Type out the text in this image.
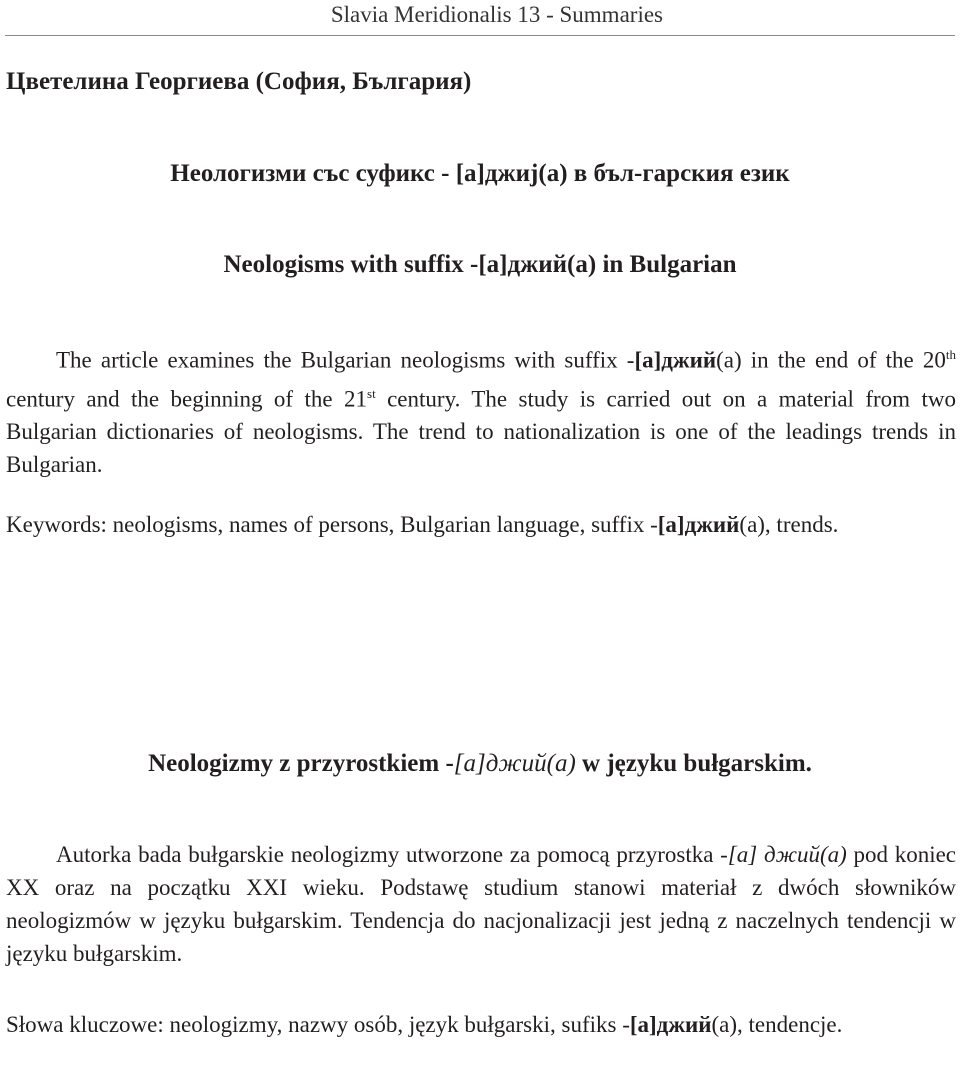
Slavia Meridionalis 13 - Summaries
Цветелина Георгиева (София, България)
Неологизми със суфикс - [а]джиј(а) в бъл-гарския език
Neologisms with suffix -[а]джий(а) in Bulgarian

The article examines the Bulgarian neologisms with suffix -[а]джий(a) in the end of the 20th century and the beginning of the 21st century. The study is carried out on a material from two Bulgarian dictionaries of neologisms. The trend to nationalization is one of the leadings trends in Bulgarian.

Keywords: neologisms, names of persons, Bulgarian language, suffix -[а]джий(a), trends.

Neologizmy z przyrostkiem -[a]джий(a) w języku bułgarskim.

Autorka bada bułgarskie neologizmy utworzone za pomocą przyrostka -[a] джий(a) pod koniec XX oraz na początku XXI wieku. Podstawę studium stanowi materiał z dwóch słowników neologizmów w języku bułgarskim. Tendencja do nacjonalizacji jest jedną z naczelnych tendencji w języku bułgarskim.

Słowa kluczowe: neologizmy, nazwy osób, język bułgarski, sufiks -[а]джий(a), tendencje.
